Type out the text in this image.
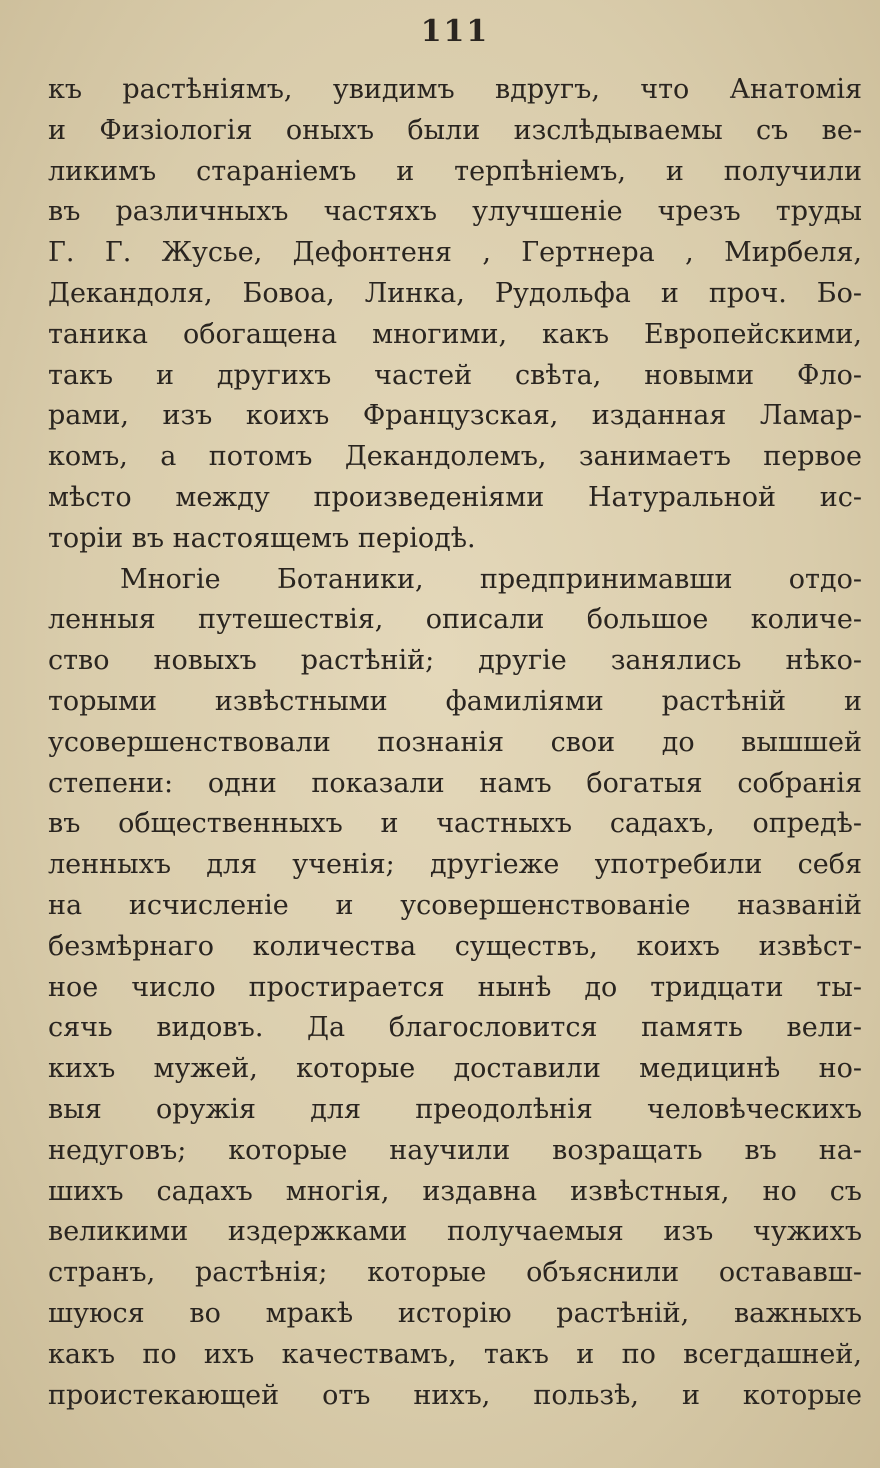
111
къ растѣніямъ, увидимъ вдругъ, что Анатомія
и Физіологія оныхъ были изслѣдываемы съ ве-
ликимъ стараніемъ и терпѣніемъ, и получили
въ различныхъ частяхъ улучшеніе чрезъ труды
Г. Г. Жусье, Дефонтеня , Гертнера , Мирбеля,
Декандоля, Бовоа, Линка, Рудольфа и проч. Бо-
таника обогащена многими, какъ Европейскими,
такъ и другихъ частей свѣта, новыми Фло-
рами, изъ коихъ Французская, изданная Ламар-
комъ, а потомъ Декандолемъ, занимаетъ первое
мѣсто между произведеніями Натуральной ис-
торіи въ настоящемъ періодѣ.
Многіе Ботаники, предпринимавши отдо-
ленныя путешествія, описали большое количе-
ство новыхъ растѣній; другіе занялись нѣко-
торыми извѣстными фамиліями растѣній и
усовершенствовали познанія свои до вышшей
степени: одни показали намъ богатыя собранія
въ общественныхъ и частныхъ садахъ, опредѣ-
ленныхъ для ученія; другіеже употребили себя
на исчисленіе и усовершенствованіе названій
безмѣрнаго количества существъ, коихъ извѣст-
ное число простирается нынѣ до тридцати ты-
сячь видовъ. Да благословится память вели-
кихъ мужей, которые доставили медицинѣ но-
выя оружія для преодолѣнія человѣческихъ
недуговъ; которые научили возращать въ на-
шихъ садахъ многія, издавна извѣстныя, но съ
великими издержками получаемыя изъ чужихъ
странъ, растѣнія; которые объяснили остававш-
шуюся во мракѣ исторію растѣній, важныхъ
какъ по ихъ качествамъ, такъ и по всегдашней,
проистекающей отъ нихъ, пользѣ, и которые
